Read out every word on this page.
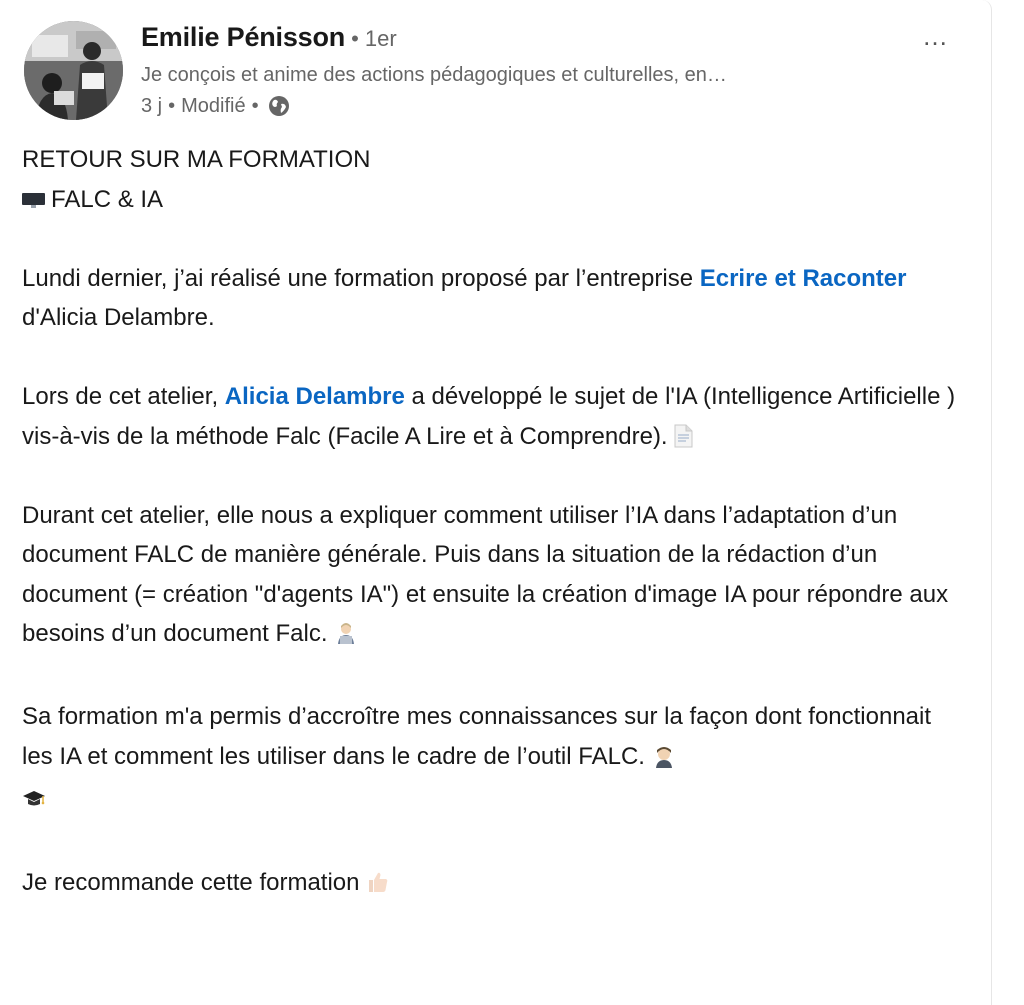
Emilie Pénisson • 1er
Je conçois et anime des actions pédagogiques et culturelles, en…
3 j • Modifié •
…

RETOUR SUR MA FORMATION

FALC & IA

Lundi dernier, j’ai réalisé une formation proposé par l’entreprise Ecrire et Raconter d'Alicia Delambre.

Lors de cet atelier, Alicia Delambre a développé le sujet de l'IA (Intelligence Artificielle ) vis-à-vis de la méthode Falc (Facile A Lire et à Comprendre).

Durant cet atelier, elle nous a expliquer comment utiliser l’IA dans l’adaptation d’un document FALC de manière générale. Puis dans la situation de la rédaction d’un document (= création "d'agents IA") et ensuite la création d'image IA pour répondre aux besoins d’un document Falc.

Sa formation m'a permis d’accroître mes connaissances sur la façon dont fonctionnait les IA et comment les utiliser dans le cadre de l’outil FALC.

Je recommande cette formation
